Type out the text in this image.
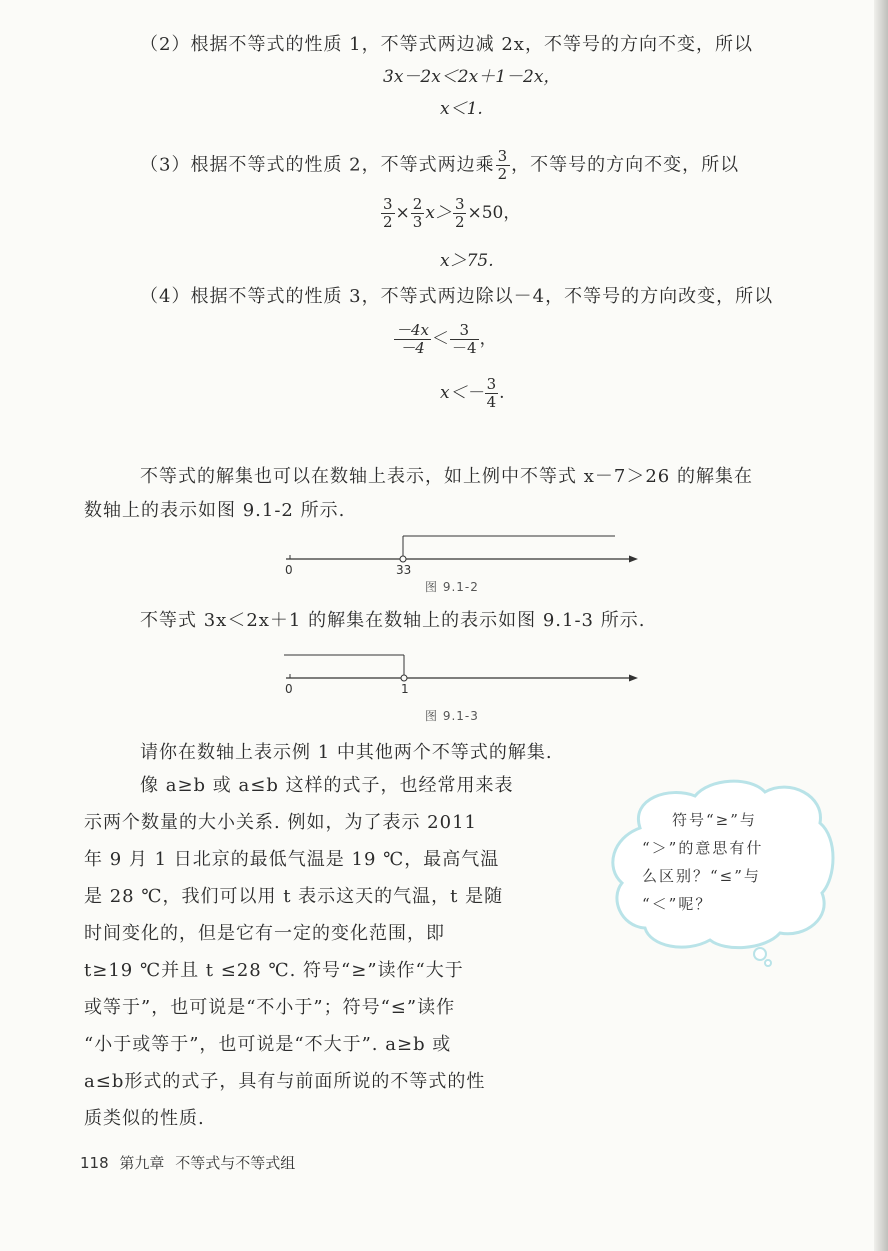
（2）根据不等式的性质 1，不等式两边减 2x，不等号的方向不变，所以
3x－2x＜2x＋1－2x，
x＜1.
（3）根据不等式的性质 2，不等式两边乘 $\frac{3}{2}$ ，不等号的方向不变，所以
$\frac{3}{2} \times \frac{2}{3} x> \frac{3}{2} \times 50$，
x＞75.
（4）根据不等式的性质 3，不等式两边除以－4，不等号的方向改变，所以
$\frac{-4x}{-4} < \frac{3}{-4}$ ，
$x<- \frac{3}{4}$ .
不等式的解集也可以在数轴上表示，如上例中不等式 x－7＞26 的解集在
数轴上的表示如图 9.1-2 所示.
0	33
图 9.1-2
不等式 3x＜2x＋1 的解集在数轴上的表示如图 9.1-3 所示.
0	1
图 9.1-3
请你在数轴上表示例 1 中其他两个不等式的解集.
像 a≥b 或 a≤b 这样的式子，也经常用来表
示两个数量的大小关系. 例如，为了表示 2011
年 9 月 1 日北京的最低气温是 19 ℃，最高气温
是 28 ℃，我们可以用 t 表示这天的气温，t 是随
时间变化的，但是它有一定的变化范围，即
t≥19 ℃并且 t ≤28 ℃. 符号“≥”读作“大于
或等于”，也可说是“不小于”；符号“≤”读作
“小于或等于”，也可说是“不大于”. a≥b 或
a≤b形式的式子，具有与前面所说的不等式的性
质类似的性质.
符号“≥”与
“＞”的意思有什
么区别？“≤”与
“＜”呢？
118 第九章 不等式与不等式组
